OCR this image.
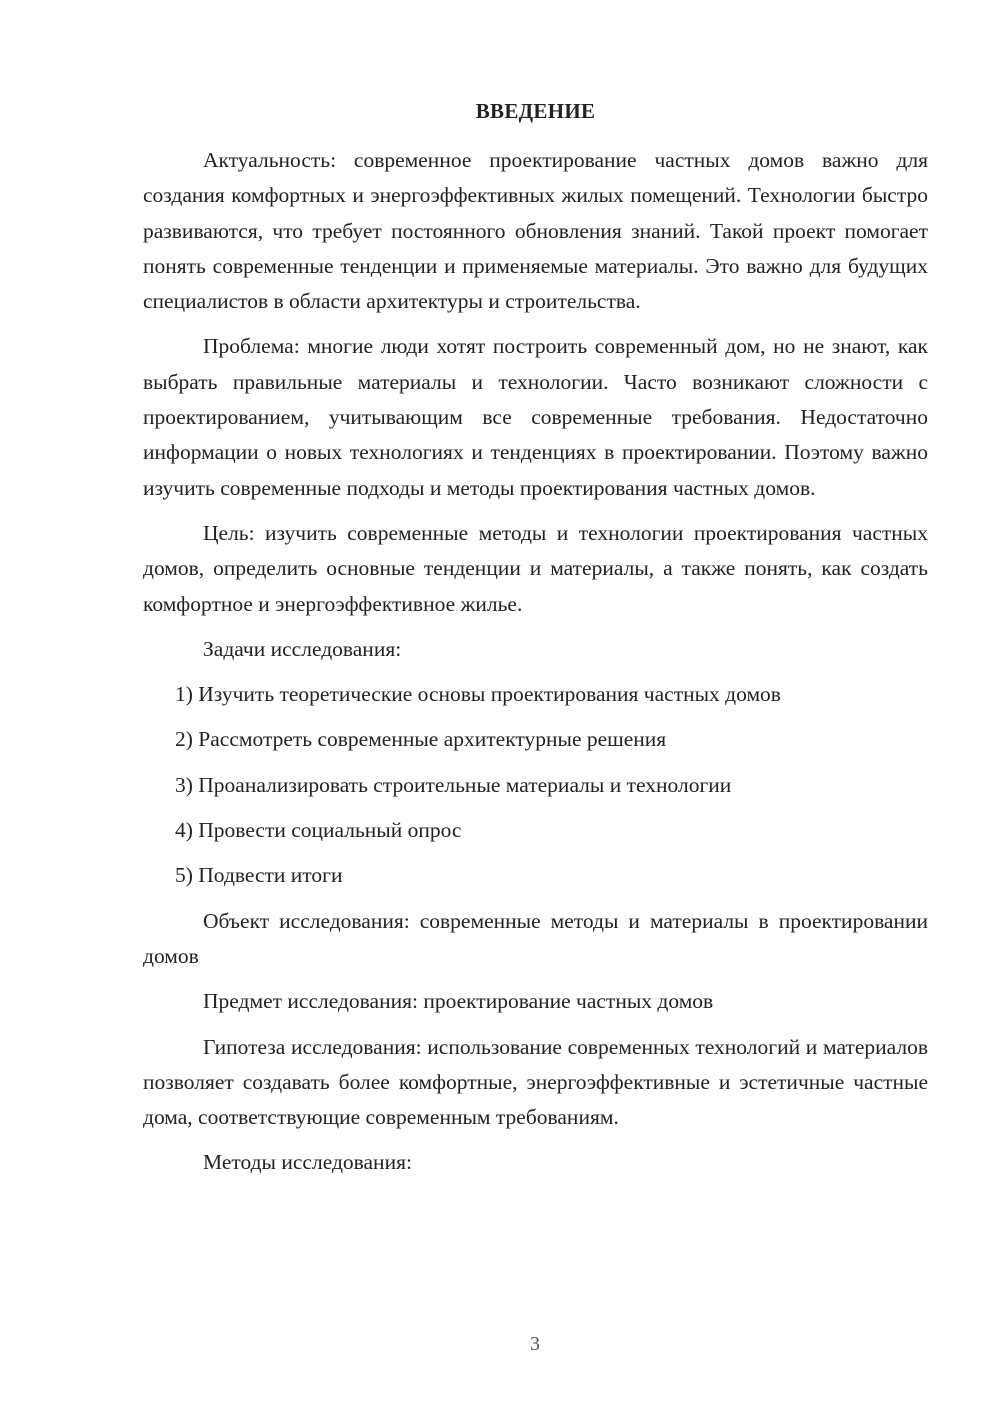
ВВЕДЕНИЕ

Актуальность: современное проектирование частных домов важно для создания комфортных и энергоэффективных жилых помещений. Технологии быстро развиваются, что требует постоянного обновления знаний. Такой проект помогает понять современные тенденции и применяемые материалы. Это важно для будущих специалистов в области архитектуры и строительства.

Проблема: многие люди хотят построить современный дом, но не знают, как выбрать правильные материалы и технологии. Часто возникают сложности с проектированием, учитывающим все современные требования. Недостаточно информации о новых технологиях и тенденциях в проектировании. Поэтому важно изучить современные подходы и методы проектирования частных домов.

Цель: изучить современные методы и технологии проектирования частных домов, определить основные тенденции и материалы, а также понять, как создать комфортное и энергоэффективное жилье.

Задачи исследования:

1) Изучить теоретические основы проектирования частных домов
2) Рассмотреть современные архитектурные решения
3) Проанализировать строительные материалы и технологии
4) Провести социальный опрос
5) Подвести итоги

Объект исследования: современные методы и материалы в проектировании домов

Предмет исследования: проектирование частных домов

Гипотеза исследования: использование современных технологий и материалов позволяет создавать более комфортные, энергоэффективные и эстетичные частные дома, соответствующие современным требованиям.

Методы исследования:

3
